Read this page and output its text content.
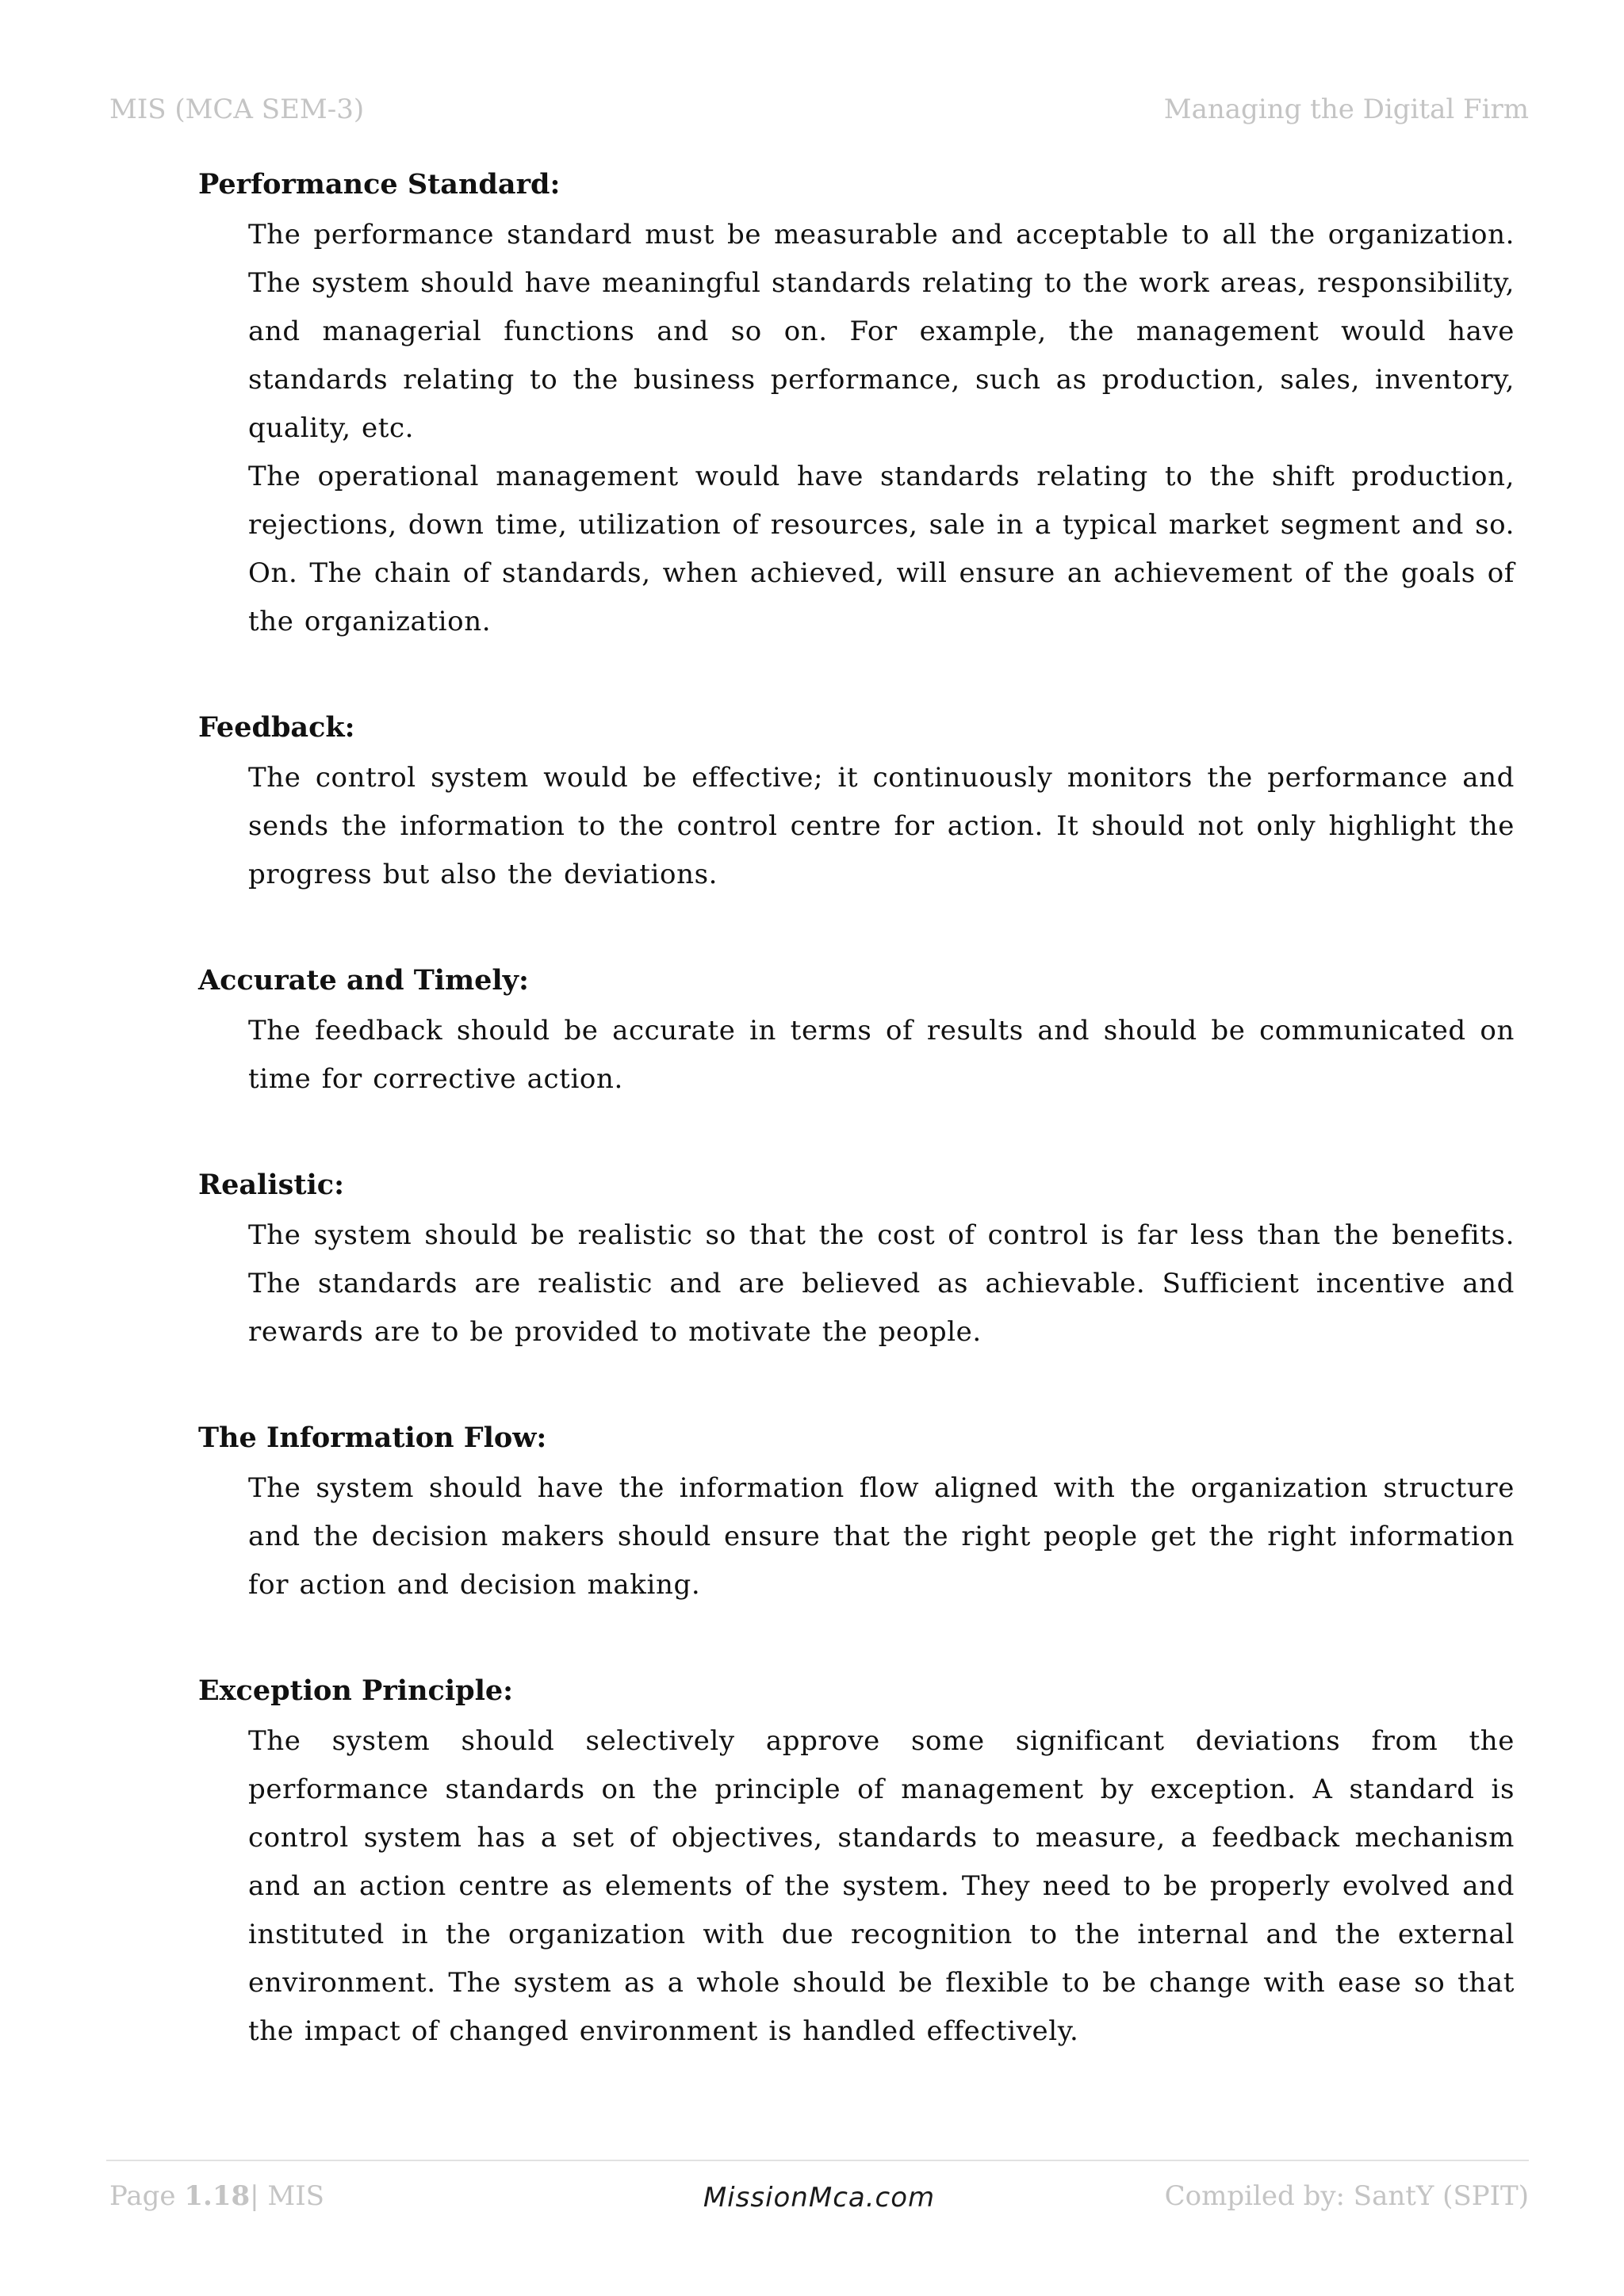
MIS (MCA SEM-3)	Managing the Digital Firm
Performance Standard:

The performance standard must be measurable and acceptable to all the organization. The system should have meaningful standards relating to the work areas, responsibility, and managerial functions and so on. For example, the management would have standards relating to the business performance, such as production, sales, inventory, quality, etc.

The operational management would have standards relating to the shift production, rejections, down time, utilization of resources, sale in a typical market segment and so. On. The chain of standards, when achieved, will ensure an achievement of the goals of the organization.

Feedback:

The control system would be effective; it continuously monitors the performance and sends the information to the control centre for action. It should not only highlight the progress but also the deviations.

Accurate and Timely:

The feedback should be accurate in terms of results and should be communicated on time for corrective action.

Realistic:

The system should be realistic so that the cost of control is far less than the benefits. The standards are realistic and are believed as achievable. Sufficient incentive and rewards are to be provided to motivate the people.

The Information Flow:

The system should have the information flow aligned with the organization structure and the decision makers should ensure that the right people get the right information for action and decision making.

Exception Principle:

The system should selectively approve some significant deviations from the performance standards on the principle of management by exception. A standard is control system has a set of objectives, standards to measure, a feedback mechanism and an action centre as elements of the system. They need to be properly evolved and instituted in the organization with due recognition to the internal and the external environment. The system as a whole should be flexible to be change with ease so that the impact of changed environment is handled effectively.

Page 1.18| MIS	MissionMca.com	Compiled by: SantY (SPIT)
